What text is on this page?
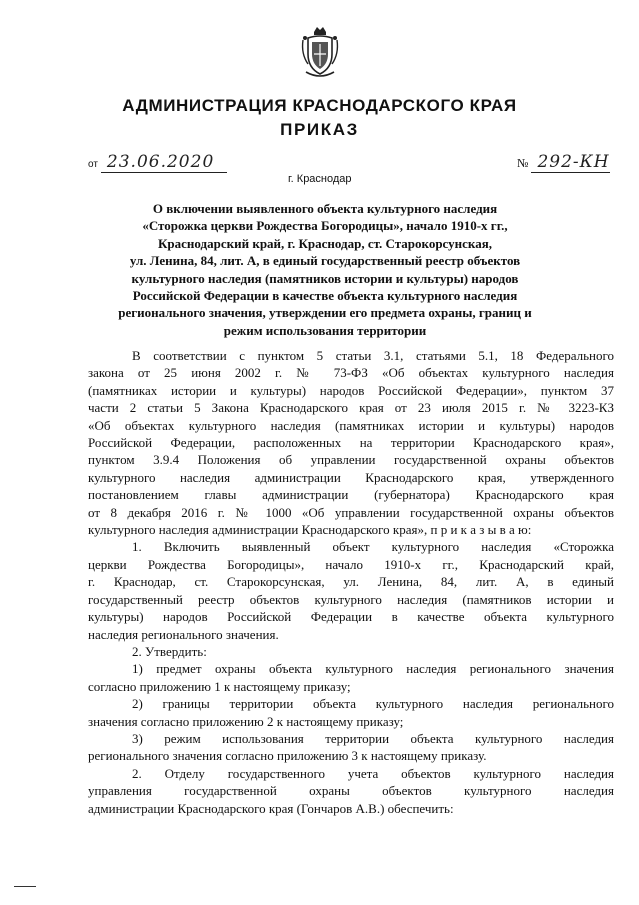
АДМИНИСТРАЦИЯ КРАСНОДАРСКОГО КРАЯ
ПРИКАЗ
от 23.06.2020	№ 292-КН
г. Краснодар
О включении выявленного объекта культурного наследия
«Сторожка церкви Рождества Богородицы», начало 1910-х гг.,
Краснодарский край, г. Краснодар, ст. Старокорсунская,
ул. Ленина, 84, лит. А, в единый государственный реестр объектов
культурного наследия (памятников истории и культуры) народов
Российской Федерации в качестве объекта культурного наследия
регионального значения, утверждении его предмета охраны, границ и
режим использования территории
В соответствии с пунктом 5 статьи 3.1, статьями 5.1, 18 Федерального
закона от 25 июня 2002 г. № 73-ФЗ «Об объектах культурного наследия
(памятниках истории и культуры) народов Российской Федерации», пунктом 37
части 2 статьи 5 Закона Краснодарского края от 23 июля 2015 г. № 3223-КЗ
«Об объектах культурного наследия (памятниках истории и культуры) народов
Российской Федерации, расположенных на территории Краснодарского края»,
пунктом 3.9.4 Положения об управлении государственной охраны объектов
культурного наследия администрации Краснодарского края, утвержденного
постановлением главы администрации (губернатора) Краснодарского края
от 8 декабря 2016 г. № 1000 «Об управлении государственной охраны объектов
культурного наследия администрации Краснодарского края», п р и к а з ы в а ю:
1. Включить выявленный объект культурного наследия «Сторожка
церкви Рождества Богородицы», начало 1910-х гг., Краснодарский край,
г. Краснодар, ст. Старокорсунская, ул. Ленина, 84, лит. А, в единый
государственный реестр объектов культурного наследия (памятников истории и
культуры) народов Российской Федерации в качестве объекта культурного
наследия регионального значения.
2. Утвердить:
1) предмет охраны объекта культурного наследия регионального значения
согласно приложению 1 к настоящему приказу;
2) границы территории объекта культурного наследия регионального
значения согласно приложению 2 к настоящему приказу;
3) режим использования территории объекта культурного наследия
регионального значения согласно приложению 3 к настоящему приказу.
2. Отделу государственного учета объектов культурного наследия
управления государственной охраны объектов культурного наследия
администрации Краснодарского края (Гончаров А.В.) обеспечить:
